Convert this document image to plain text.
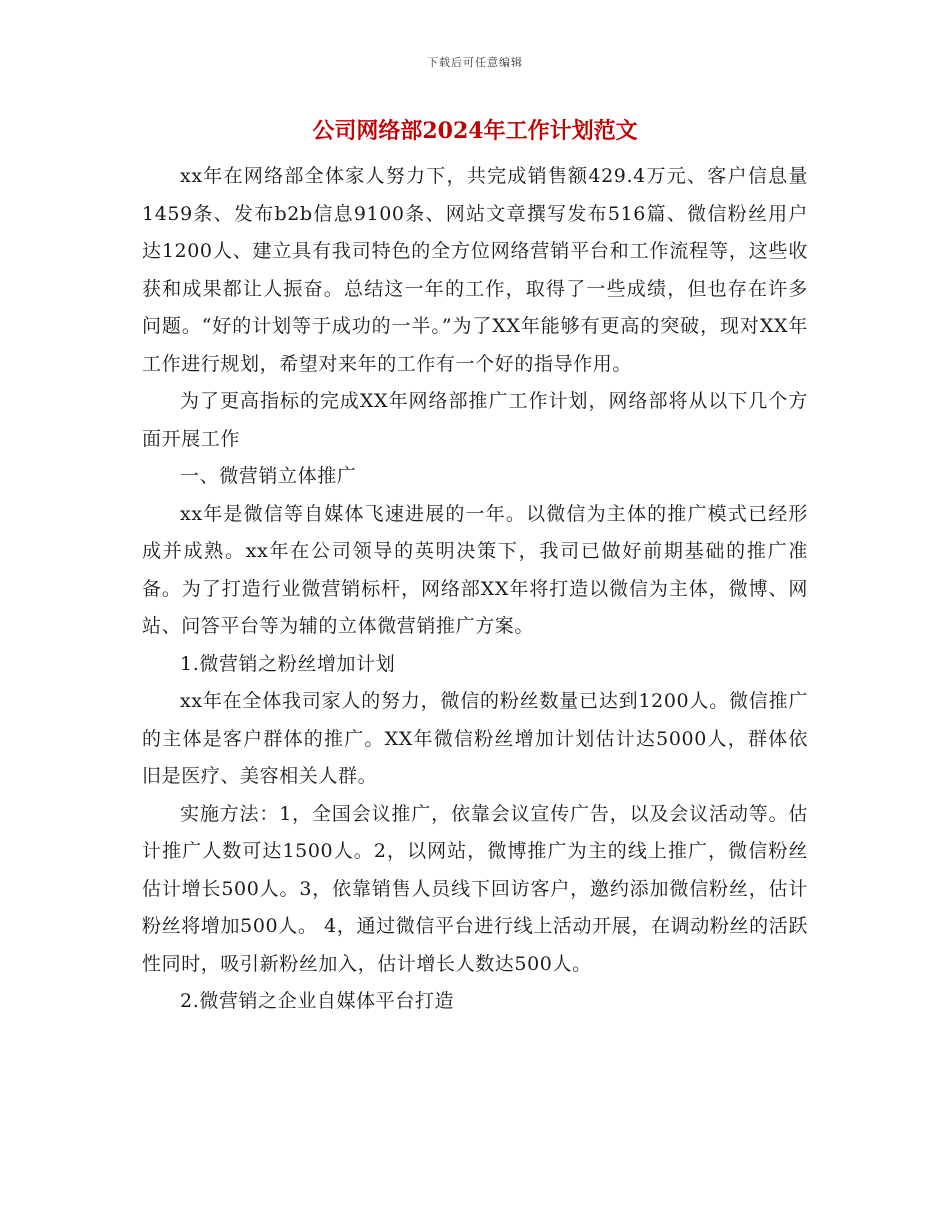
下载后可任意编辑
公司网络部2024年工作计划范文

xx年在网络部全体家人努力下，共完成销售额429.4万元、客户信息量1459条、发布b2b信息9100条、网站文章撰写发布516篇、微信粉丝用户达1200人、建立具有我司特色的全方位网络营销平台和工作流程等，这些收获和成果都让人振奋。总结这一年的工作，取得了一些成绩，但也存在许多问题。“好的计划等于成功的一半。”为了XX年能够有更高的突破，现对XX年工作进行规划，希望对来年的工作有一个好的指导作用。

为了更高指标的完成XX年网络部推广工作计划，网络部将从以下几个方面开展工作

一、微营销立体推广

xx年是微信等自媒体飞速进展的一年。以微信为主体的推广模式已经形成并成熟。xx年在公司领导的英明决策下，我司已做好前期基础的推广准备。为了打造行业微营销标杆，网络部XX年将打造以微信为主体，微博、网站、问答平台等为辅的立体微营销推广方案。

1.微营销之粉丝增加计划

xx年在全体我司家人的努力，微信的粉丝数量已达到1200人。微信推广的主体是客户群体的推广。XX年微信粉丝增加计划估计达5000人，群体依旧是医疗、美容相关人群。

实施方法：1，全国会议推广，依靠会议宣传广告，以及会议活动等。估计推广人数可达1500人。2，以网站，微博推广为主的线上推广，微信粉丝估计增长500人。3，依靠销售人员线下回访客户，邀约添加微信粉丝，估计粉丝将增加500人。 4，通过微信平台进行线上活动开展，在调动粉丝的活跃性同时，吸引新粉丝加入，估计增长人数达500人。

2.微营销之企业自媒体平台打造
